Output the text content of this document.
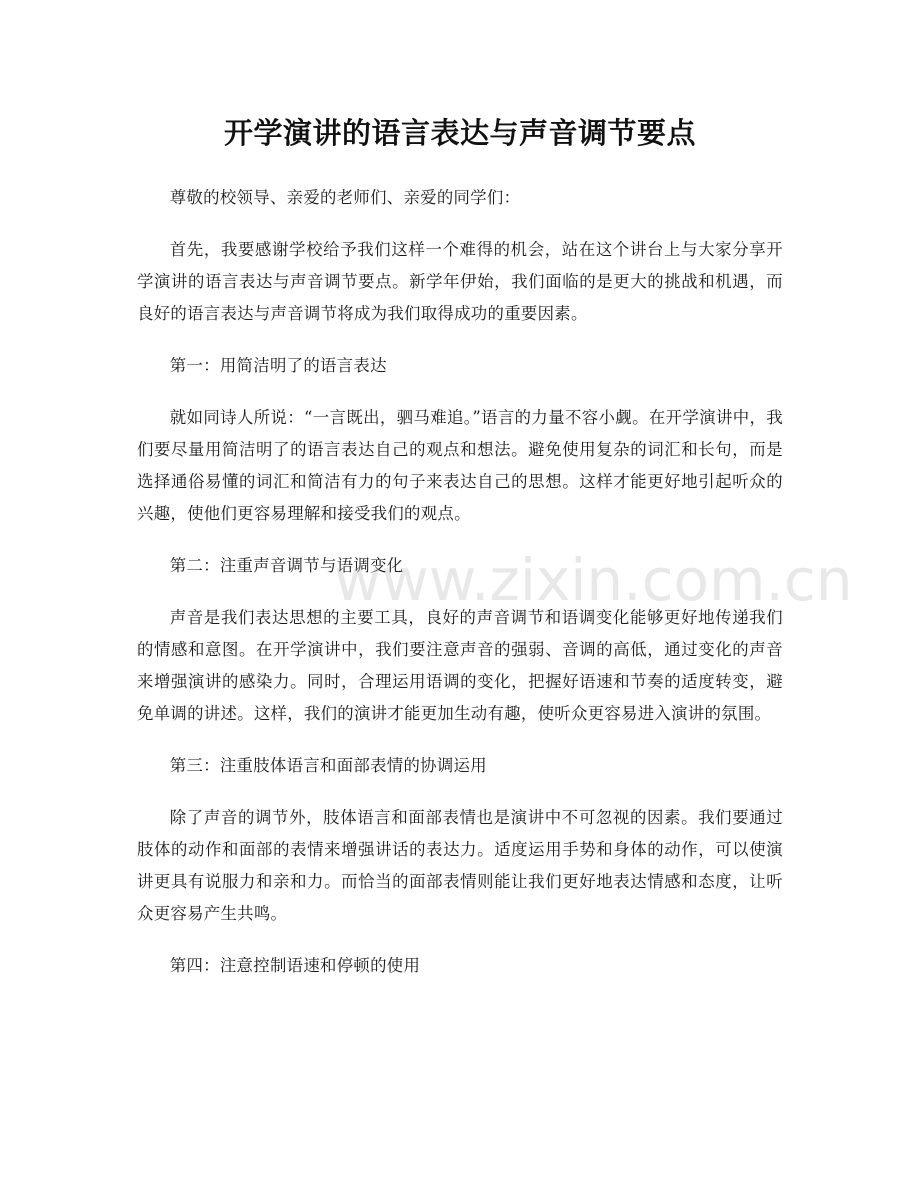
开学演讲的语言表达与声音调节要点

尊敬的校领导、亲爱的老师们、亲爱的同学们：

首先，我要感谢学校给予我们这样一个难得的机会，站在这个讲台上与大家分享开学演讲的语言表达与声音调节要点。新学年伊始，我们面临的是更大的挑战和机遇，而良好的语言表达与声音调节将成为我们取得成功的重要因素。

第一：用简洁明了的语言表达

就如同诗人所说：“一言既出，驷马难追。”语言的力量不容小觑。在开学演讲中，我们要尽量用简洁明了的语言表达自己的观点和想法。避免使用复杂的词汇和长句，而是选择通俗易懂的词汇和简洁有力的句子来表达自己的思想。这样才能更好地引起听众的兴趣，使他们更容易理解和接受我们的观点。

第二：注重声音调节与语调变化

声音是我们表达思想的主要工具，良好的声音调节和语调变化能够更好地传递我们的情感和意图。在开学演讲中，我们要注意声音的强弱、音调的高低，通过变化的声音来增强演讲的感染力。同时，合理运用语调的变化，把握好语速和节奏的适度转变，避免单调的讲述。这样，我们的演讲才能更加生动有趣，使听众更容易进入演讲的氛围。

第三：注重肢体语言和面部表情的协调运用

除了声音的调节外，肢体语言和面部表情也是演讲中不可忽视的因素。我们要通过肢体的动作和面部的表情来增强讲话的表达力。适度运用手势和身体的动作，可以使演讲更具有说服力和亲和力。而恰当的面部表情则能让我们更好地表达情感和态度，让听众更容易产生共鸣。

第四：注意控制语速和停顿的使用

www.zixin.com.cn
